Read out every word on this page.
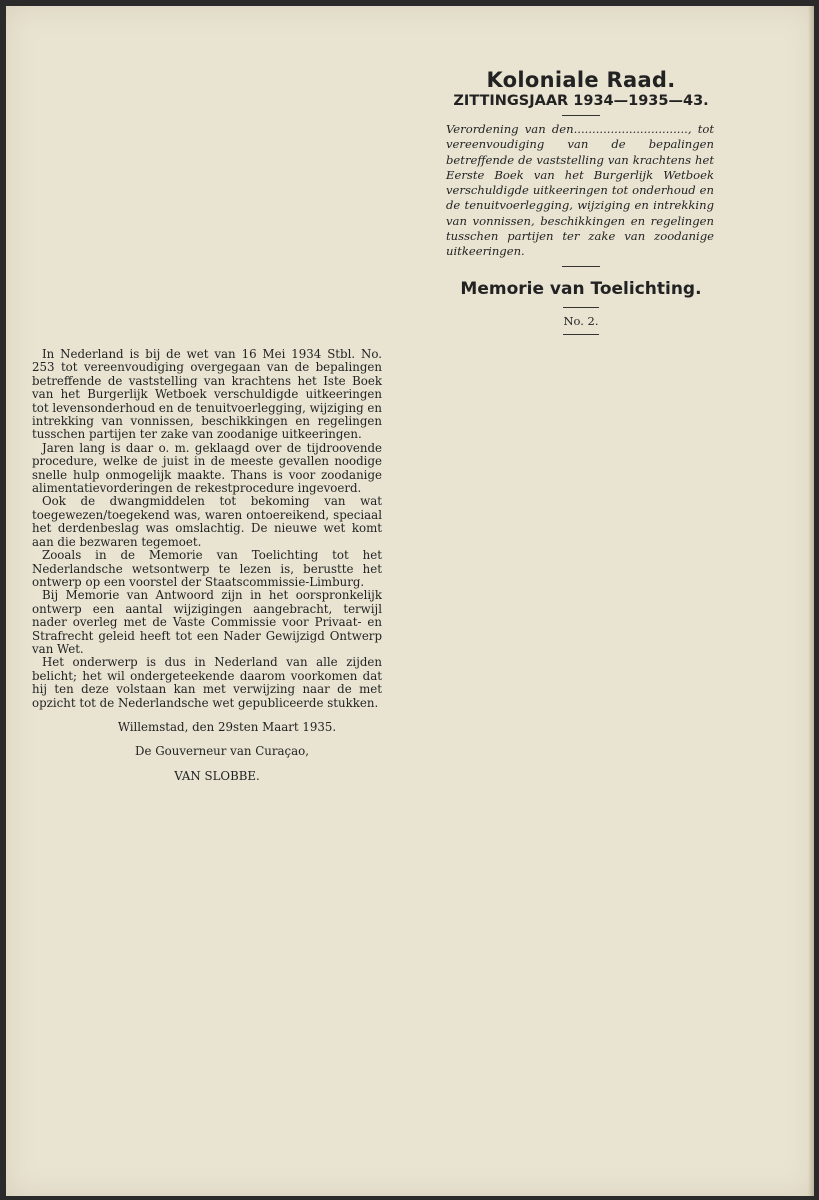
Koloniale Raad.
ZITTINGSJAAR 1934—1935—43.

Verordening van den..............................., tot vereenvoudiging van de bepalingen betreffende de vaststelling van krachtens het Eerste Boek van het Burgerlijk Wetboek verschuldigde uitkeeringen tot onderhoud en de tenuitvoerlegging, wijziging en intrekking van vonnissen, beschikkingen en regelingen tusschen partijen ter zake van zoodanige uitkeeringen.

Memorie van Toelichting.
No. 2.

In Nederland is bij de wet van 16 Mei 1934 Stbl. No. 253 tot vereenvoudiging overgegaan van de bepalingen betreffende de vaststelling van krachtens het Iste Boek van het Burgerlijk Wetboek verschuldigde uitkeeringen tot levensonderhoud en de tenuitvoerlegging, wijziging en intrekking van vonnissen, beschikkingen en regelingen tusschen partijen ter zake van zoodanige uitkeeringen.

Jaren lang is daar o. m. geklaagd over de tijdroovende procedure, welke de juist in de meeste gevallen noodige snelle hulp onmogelijk maakte. Thans is voor zoodanige alimentatievorderingen de rekestprocedure ingevoerd.

Ook de dwangmiddelen tot bekoming van wat toegewezen/toegekend was, waren ontoereikend, speciaal het derdenbeslag was omslachtig. De nieuwe wet komt aan die bezwaren tegemoet.

Zooals in de Memorie van Toelichting tot het Nederlandsche wetsontwerp te lezen is, berustte het ontwerp op een voorstel der Staatscommissie-Limburg.

Bij Memorie van Antwoord zijn in het oorspronkelijk ontwerp een aantal wijzigingen aangebracht, terwijl nader overleg met de Vaste Commissie voor Privaat- en Strafrecht geleid heeft tot een Nader Gewijzigd Ontwerp van Wet.

Het onderwerp is dus in Nederland van alle zijden belicht; het wil ondergeteekende daarom voorkomen dat hij ten deze volstaan kan met verwijzing naar de met opzicht tot de Nederlandsche wet gepubliceerde stukken.

Willemstad, den 29sten Maart 1935.
De Gouverneur van Curaçao,
VAN SLOBBE.
